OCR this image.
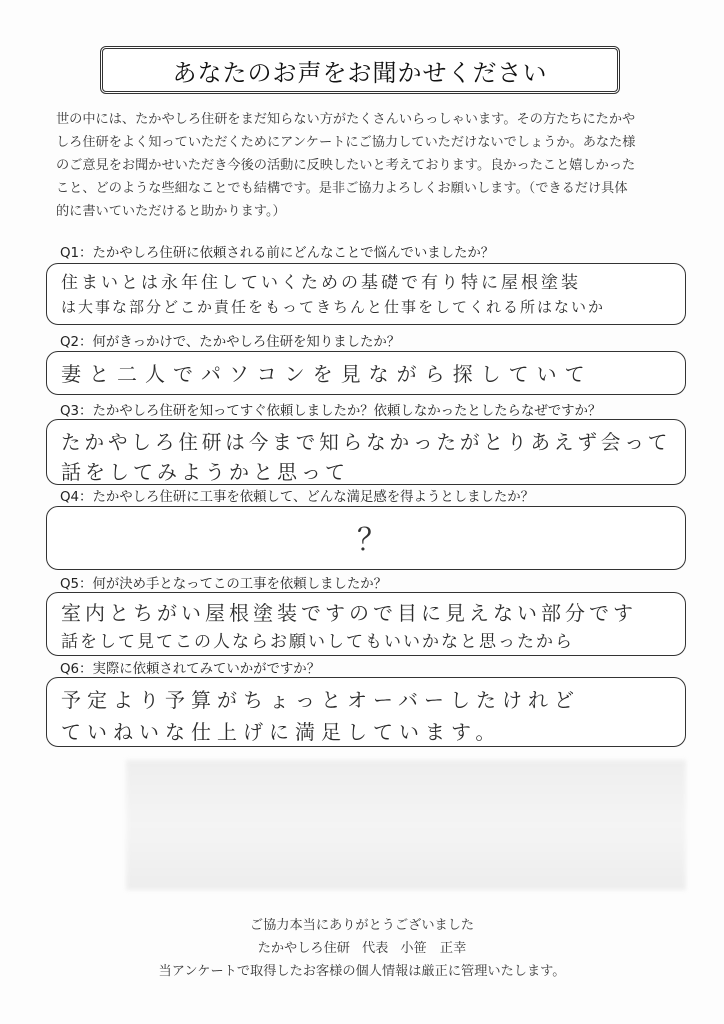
あなたのお声をお聞かせください
世の中には、たかやしろ住研をまだ知らない方がたくさんいらっしゃいます。その方たちにたかや
しろ住研をよく知っていただくためにアンケートにご協力していただけないでしょうか。あなた様
のご意見をお聞かせいただき今後の活動に反映したいと考えております。良かったこと嬉しかった
こと、どのような些細なことでも結構です。是非ご協力よろしくお願いします。（できるだけ具体
的に書いていただけると助かります。）
Q1：たかやしろ住研に依頼される前にどんなことで悩んでいましたか？
住まいとは永年住していくための基礎で有り特に屋根塗装
は大事な部分どこか責任をもってきちんと仕事をしてくれる所はないか
Q2：何がきっかけで、たかやしろ住研を知りましたか？
妻と二人でパソコンを見ながら探していて
Q3：たかやしろ住研を知ってすぐ依頼しましたか？依頼しなかったとしたらなぜですか？
たかやしろ住研は今まで知らなかったがとりあえず会って
話をしてみようかと思って
Q4：たかやしろ住研に工事を依頼して、どんな満足感を得ようとしましたか？
？
Q5：何が決め手となってこの工事を依頼しましたか？
室内とちがい屋根塗装ですので目に見えない部分です
話をして見てこの人ならお願いしてもいいかなと思ったから
Q6：実際に依頼されてみていかがですか？
予定より予算がちょっとオーバーしたけれど
ていねいな仕上げに満足しています。
ご協力本当にありがとうございました
たかやしろ住研 代表 小笹　正幸
当アンケートで取得したお客様の個人情報は厳正に管理いたします。
